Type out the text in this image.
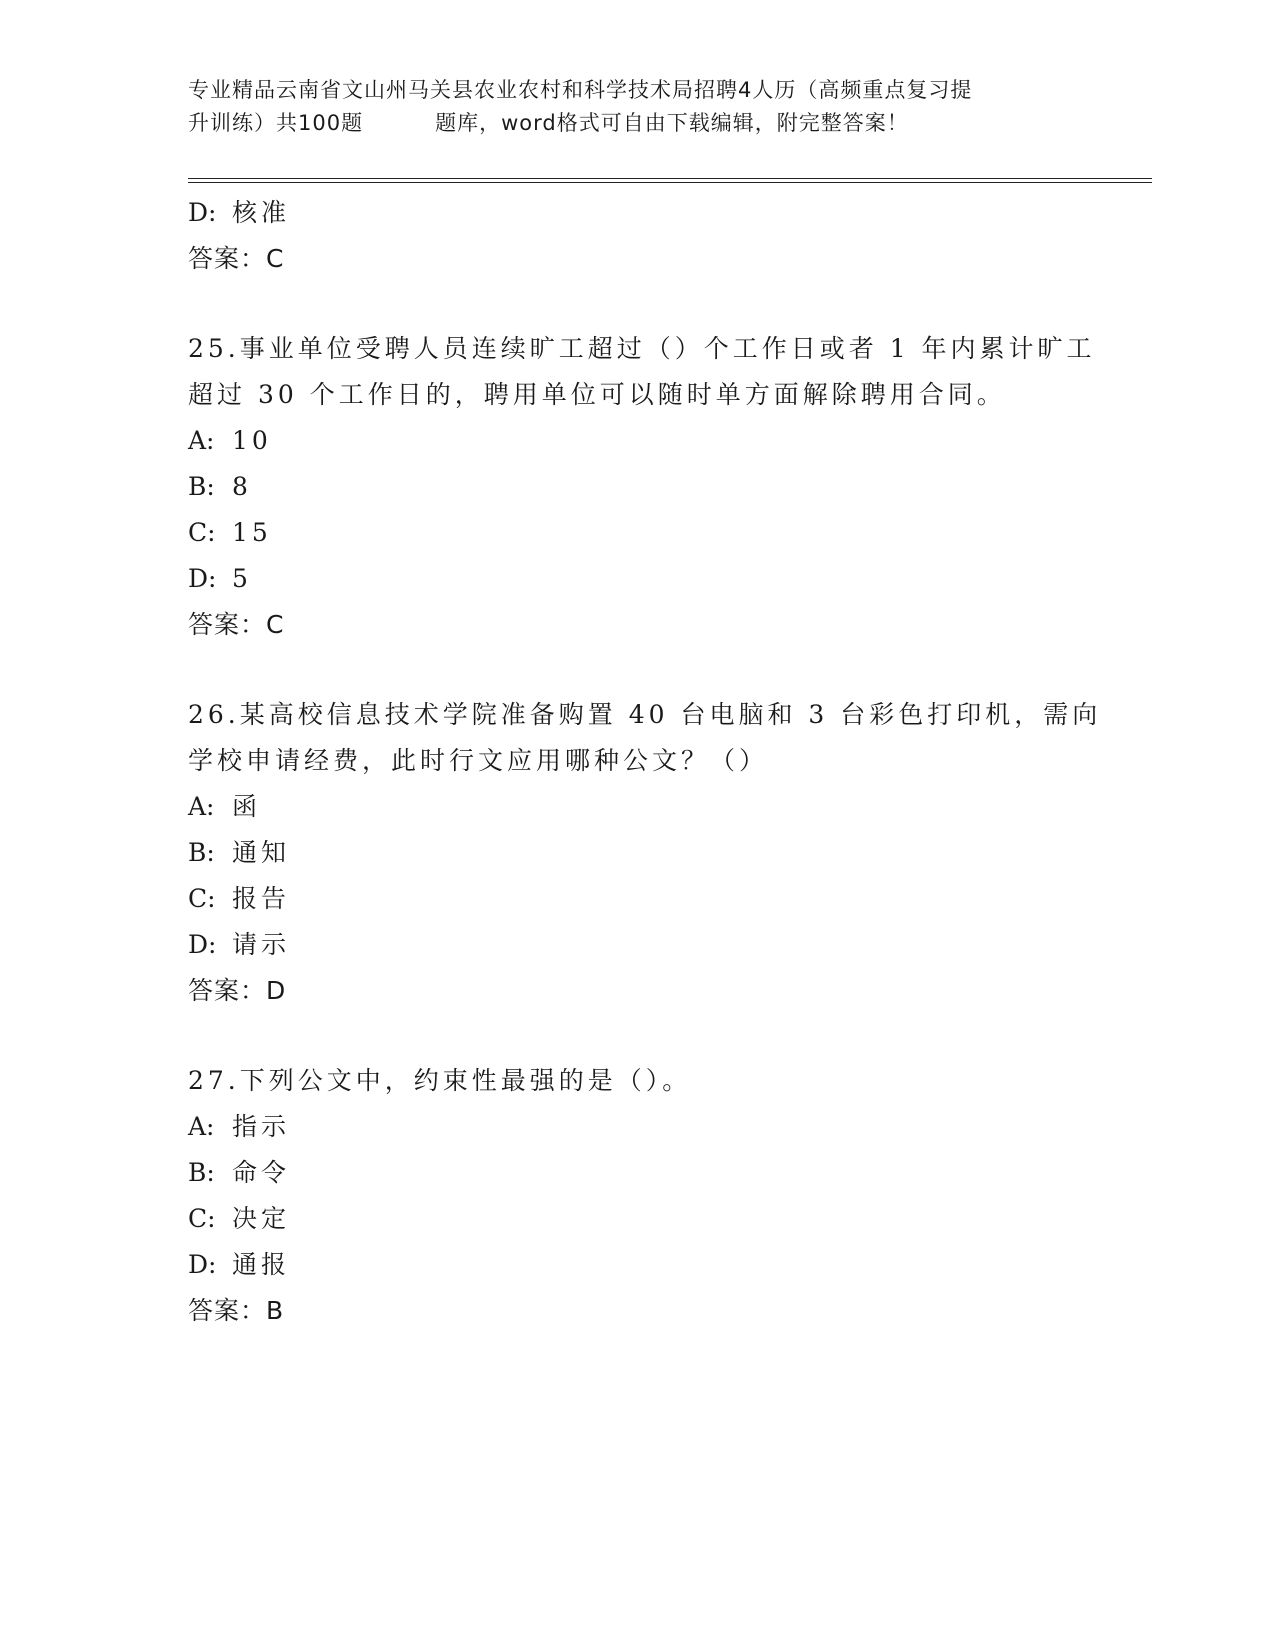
专业精品云南省文山州马关县农业农村和科学技术局招聘4人历（高频重点复习提
升训练）共100题	题库，word格式可自由下载编辑，附完整答案！
D: 核准
答案：C
25.事业单位受聘人员连续旷工超过（）个工作日或者 1 年内累计旷工
超过 30 个工作日的，聘用单位可以随时单方面解除聘用合同。
A: 10
B: 8
C: 15
D: 5
答案：C
26.某高校信息技术学院准备购置 40 台电脑和 3 台彩色打印机，需向
学校申请经费，此时行文应用哪种公文？（）
A: 函
B: 通知
C: 报告
D: 请示
答案：D
27.下列公文中，约束性最强的是（）。
A: 指示
B: 命令
C: 决定
D: 通报
答案：B
